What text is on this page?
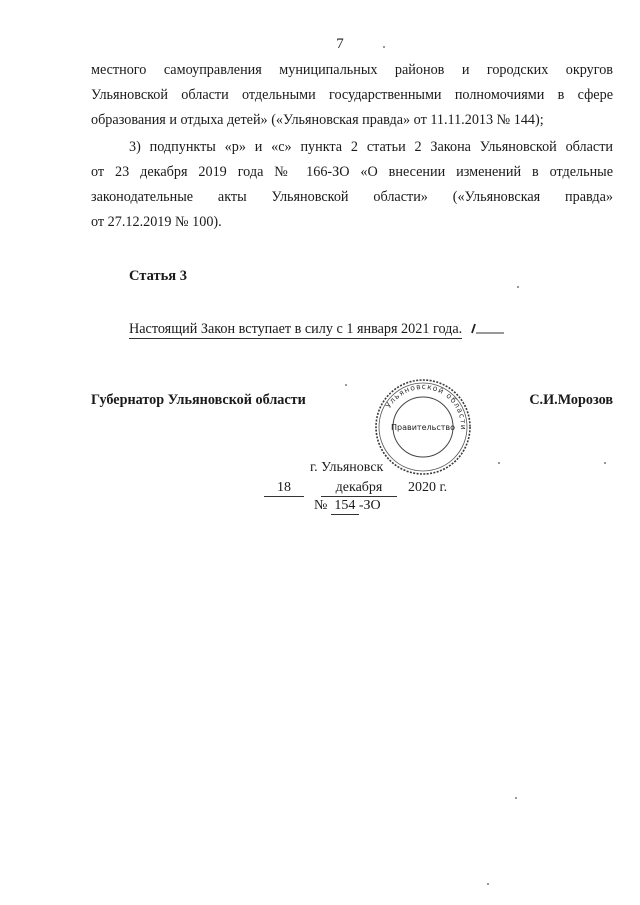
7
местного самоуправления муниципальных районов и городских округов
Ульяновской области отдельными государственными полномочиями в сфере
образования и отдыха детей» («Ульяновская правда» от 11.11.2013 № 144);
3) подпункты «р» и «с» пункта 2 статьи 2 Закона Ульяновской области
от 23 декабря 2019 года № 166-ЗО «О внесении изменений в отдельные
законодательные акты Ульяновской области» («Ульяновская правда»
от 27.12.2019 № 100).
Статья 3
Настоящий Закон вступает в силу с 1 января 2021 года.
Губернатор Ульяновской области	С.И.Морозов
Ульяновской области
Правительство
г. Ульяновск
18	декабря 2020 г.
№ 154 -ЗО
